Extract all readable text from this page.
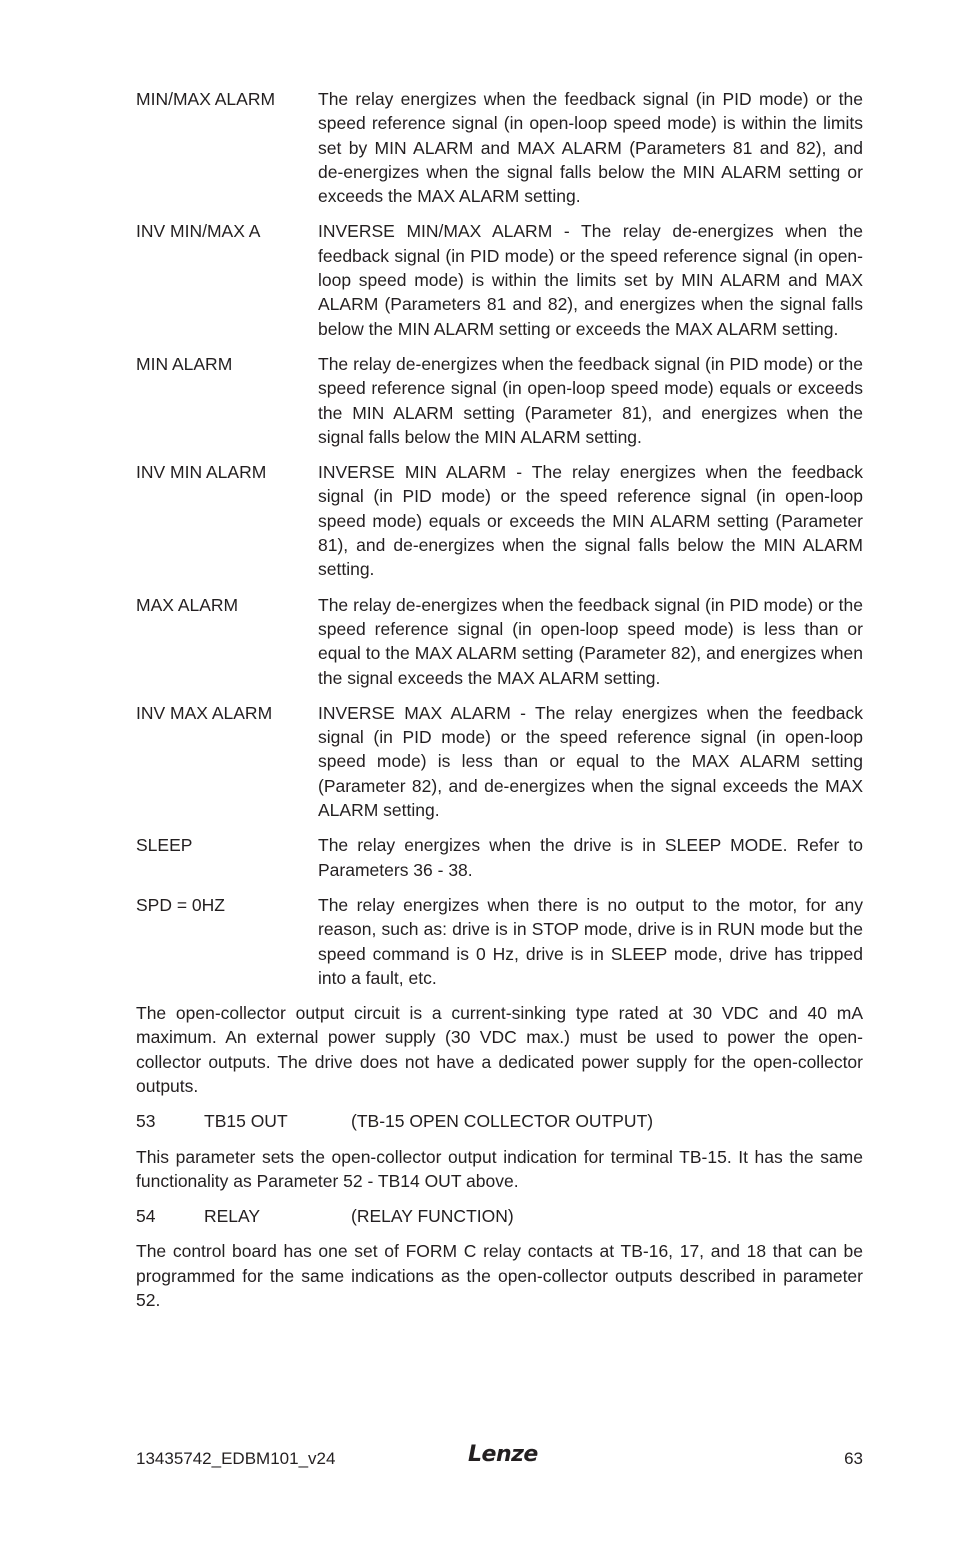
MIN/MAX ALARM	The relay energizes when the feedback signal (in PID mode) or the speed reference signal (in open-loop speed mode) is within the limits set by MIN ALARM and MAX ALARM (Parameters 81 and 82), and de-energizes when the signal falls below the MIN ALARM setting or exceeds the MAX ALARM setting.
INV MIN/MAX A	INVERSE MIN/MAX ALARM - The relay de-energizes when the feedback signal (in PID mode) or the speed reference signal (in open-loop speed mode) is within the limits set by MIN ALARM and MAX ALARM (Parameters 81 and 82), and energizes when the signal falls below the MIN ALARM setting or exceeds the MAX ALARM setting.
MIN ALARM	The relay de-energizes when the feedback signal (in PID mode) or the speed reference signal (in open-loop speed mode) equals or exceeds the MIN ALARM setting (Parameter 81), and energizes when the signal falls below the MIN ALARM setting.
INV MIN ALARM	INVERSE MIN ALARM - The relay energizes when the feedback signal (in PID mode) or the speed reference signal (in open-loop speed mode) equals or exceeds the MIN ALARM setting (Parameter 81), and de-energizes when the signal falls below the MIN ALARM setting.
MAX ALARM	The relay de-energizes when the feedback signal (in PID mode) or the speed reference signal (in open-loop speed mode) is less than or equal to the MAX ALARM setting (Parameter 82), and energizes when the signal exceeds the MAX ALARM setting.
INV MAX ALARM	INVERSE MAX ALARM - The relay energizes when the feedback signal (in PID mode) or the speed reference signal (in open-loop speed mode) is less than or equal to the MAX ALARM setting (Parameter 82), and de-energizes when the signal exceeds the MAX ALARM setting.
SLEEP	The relay energizes when the drive is in SLEEP MODE. Refer to Parameters 36 - 38.
SPD = 0HZ	The relay energizes when there is no output to the motor, for any reason, such as: drive is in STOP mode, drive is in RUN mode but the speed command is 0 Hz, drive is in SLEEP mode, drive has tripped into a fault, etc.

The open-collector output circuit is a current-sinking type rated at 30 VDC and 40 mA maximum. An external power supply (30 VDC max.) must be used to power the open-collector outputs. The drive does not have a dedicated power supply for the open-collector outputs.

53	TB15 OUT	(TB-15 OPEN COLLECTOR OUTPUT)

This parameter sets the open-collector output indication for terminal TB-15. It has the same functionality as Parameter 52 - TB14 OUT above.

54	RELAY	(RELAY FUNCTION)

The control board has one set of FORM C relay contacts at TB-16, 17, and 18 that can be programmed for the same indications as the open-collector outputs described in parameter 52.

13435742_EDBM101_v24	Lenze	63
